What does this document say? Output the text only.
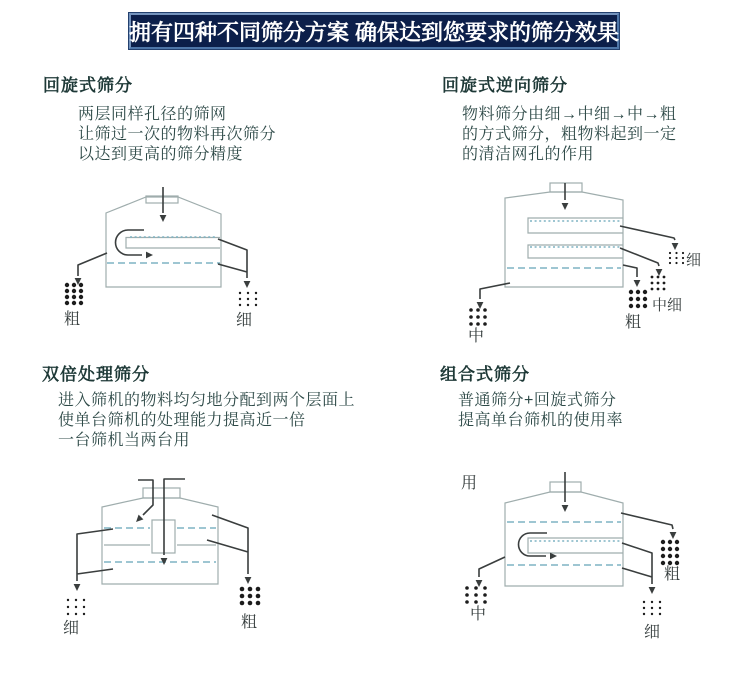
拥有四种不同筛分方案 确保达到您要求的筛分效果
回旋式筛分
两层同样孔径的筛网
让筛过一次的物料再次筛分
以达到更高的筛分精度
粗	细
回旋式逆向筛分
物料筛分由细→中细→中→粗
的方式筛分，粗物料起到一定
的清洁网孔的作用
细
中细
粗
中
双倍处理筛分
进入筛机的物料均匀地分配到两个层面上
使单台筛机的处理能力提高近一倍
一台筛机当两台用
细	粗
组合式筛分
普通筛分+回旋式筛分
提高单台筛机的使用率
用
粗
细
中
